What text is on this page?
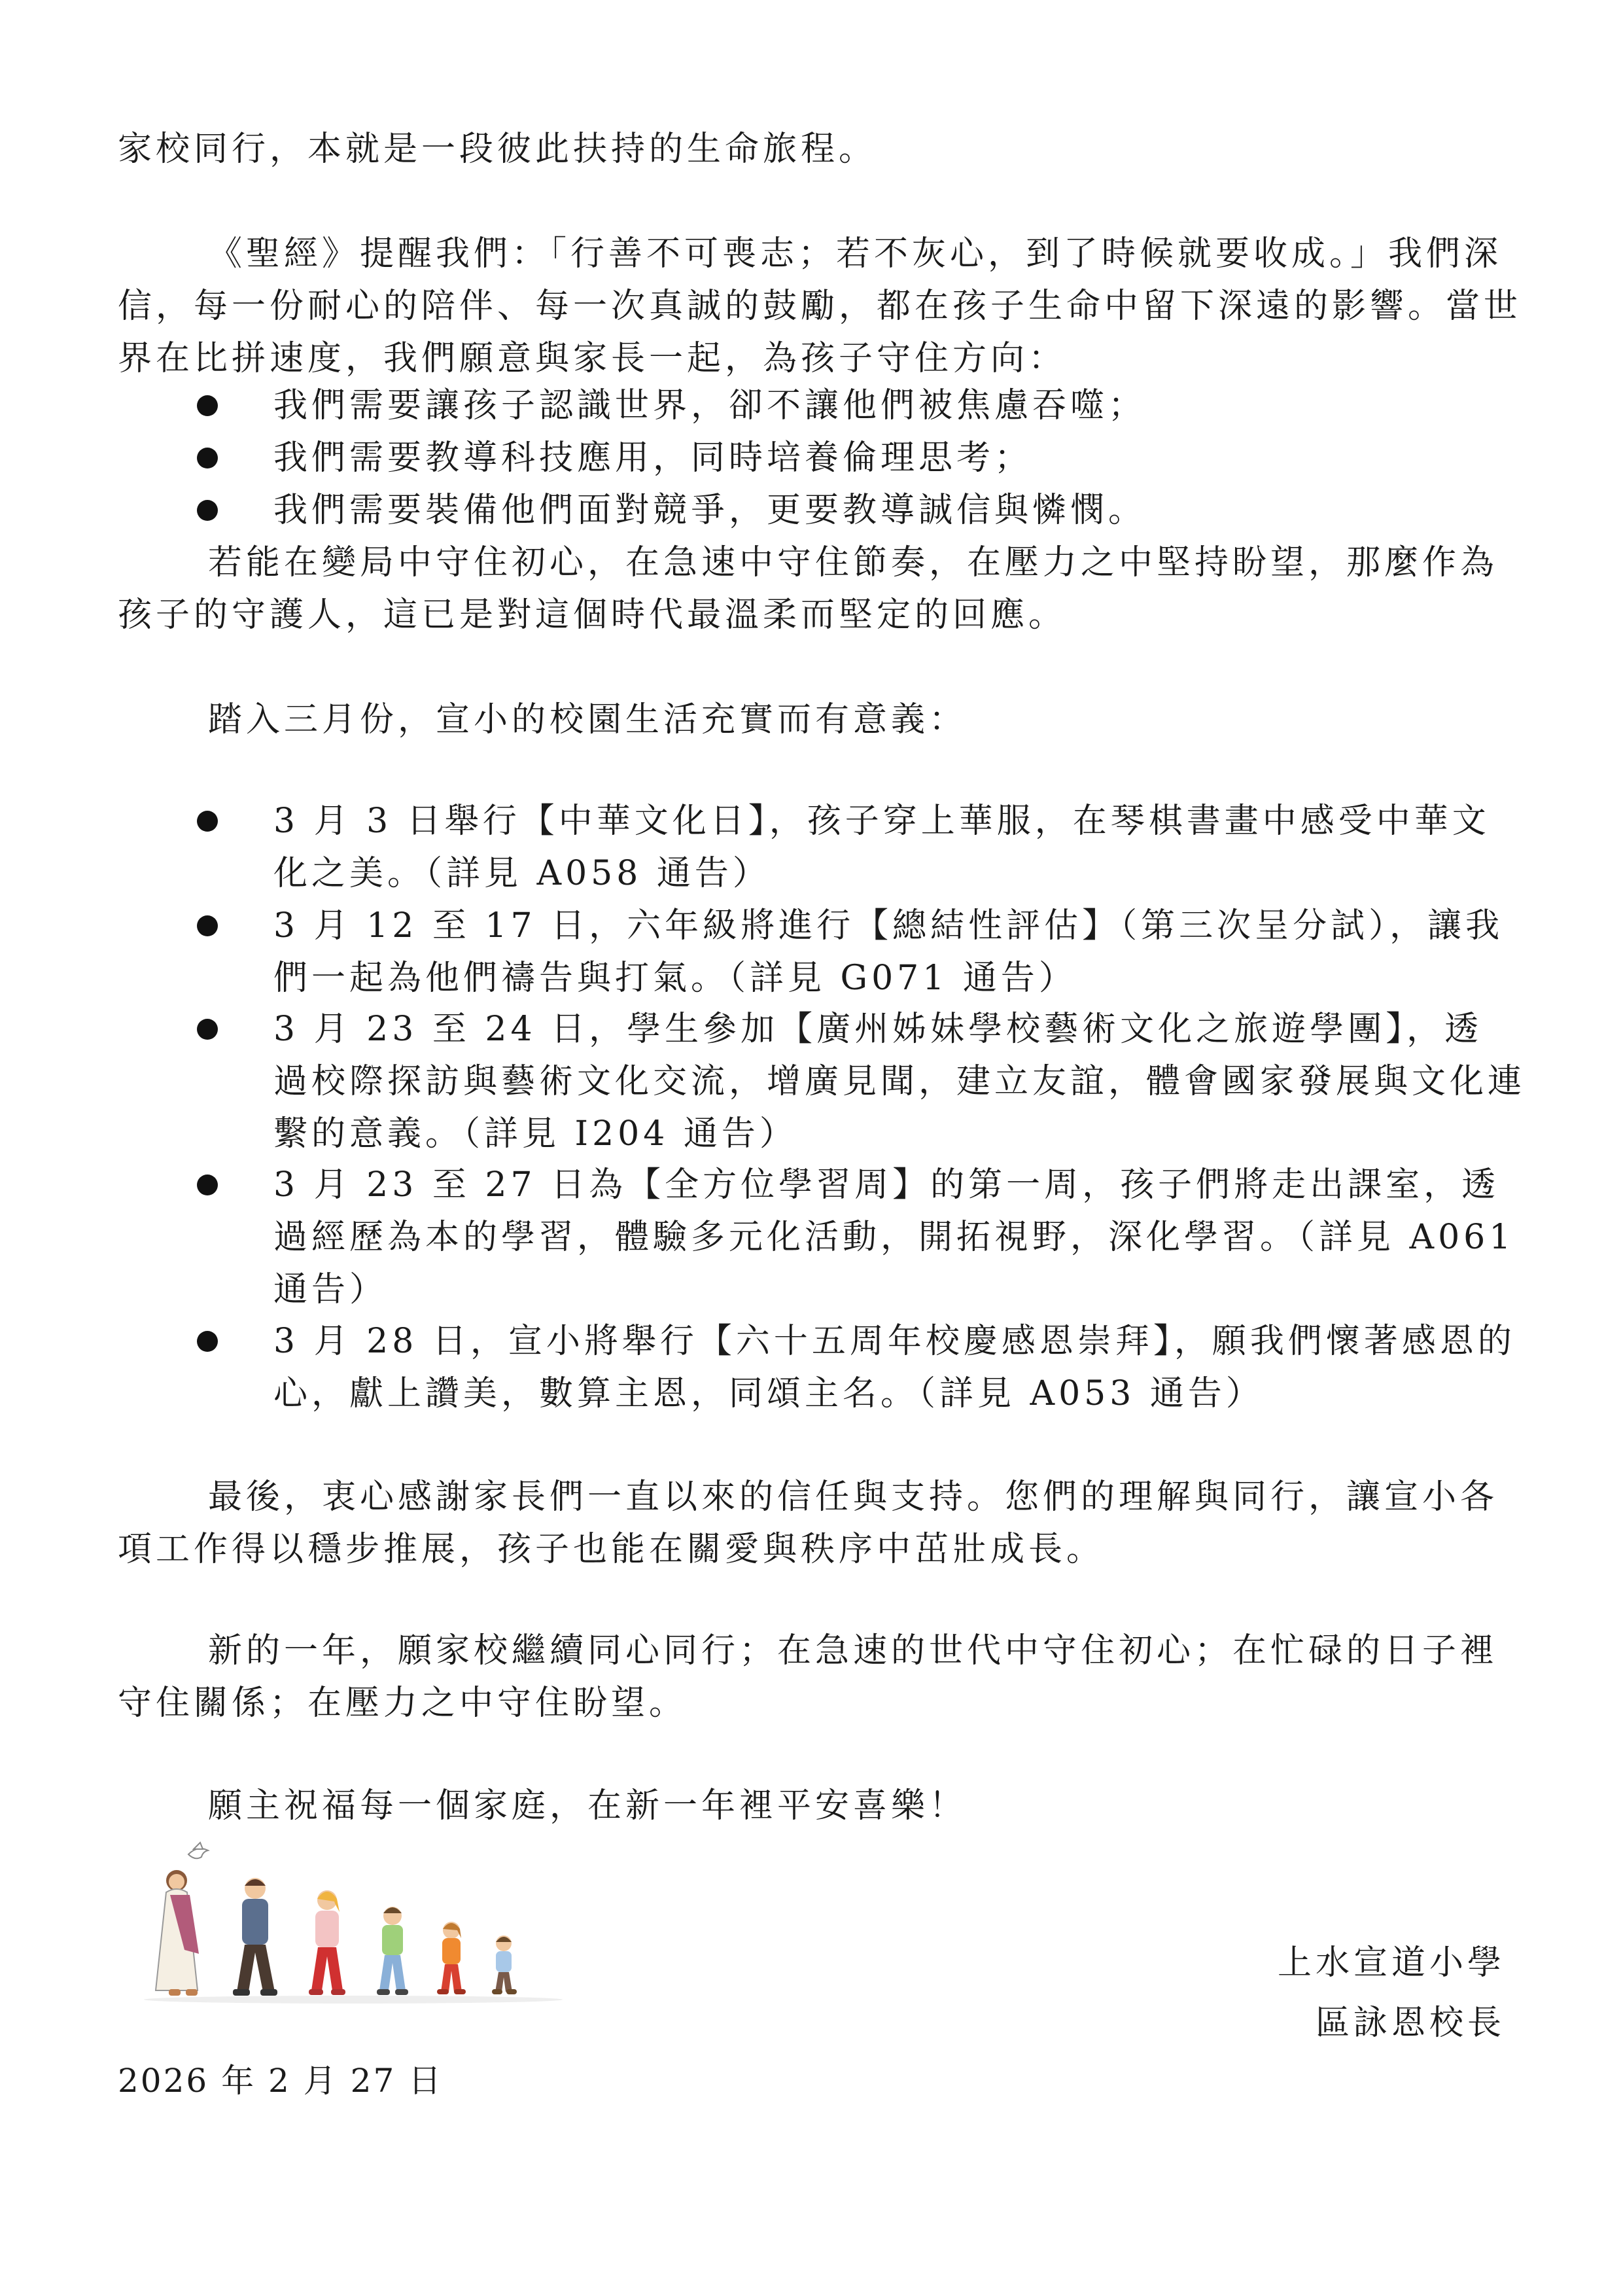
家校同行，本就是一段彼此扶持的生命旅程。
《聖經》提醒我們：「行善不可喪志；若不灰心，到了時候就要收成。」我們深
信，每一份耐心的陪伴、每一次真誠的鼓勵，都在孩子生命中留下深遠的影響。當世
界在比拼速度，我們願意與家長一起，為孩子守住方向：
我們需要讓孩子認識世界，卻不讓他們被焦慮吞噬；
我們需要教導科技應用，同時培養倫理思考；
我們需要裝備他們面對競爭，更要教導誠信與憐憫。
若能在變局中守住初心，在急速中守住節奏，在壓力之中堅持盼望，那麼作為
孩子的守護人，這已是對這個時代最溫柔而堅定的回應。
踏入三月份，宣小的校園生活充實而有意義：
3 月 3 日舉行【中華文化日】，孩子穿上華服，在琴棋書畫中感受中華文
化之美。（詳見 A058 通告）
3 月 12 至 17 日，六年級將進行【總結性評估】（第三次呈分試），讓我
們一起為他們禱告與打氣。（詳見 G071 通告）
3 月 23 至 24 日，學生參加【廣州姊妹學校藝術文化之旅遊學團】，透
過校際探訪與藝術文化交流，增廣見聞，建立友誼，體會國家發展與文化連
繫的意義。（詳見 I204 通告）
3 月 23 至 27 日為【全方位學習周】的第一周，孩子們將走出課室，透
過經歷為本的學習，體驗多元化活動，開拓視野，深化學習。（詳見 A061
通告）
3 月 28 日，宣小將舉行【六十五周年校慶感恩崇拜】，願我們懷著感恩的
心，獻上讚美，數算主恩，同頌主名。（詳見 A053 通告）
最後，衷心感謝家長們一直以來的信任與支持。您們的理解與同行，讓宣小各
項工作得以穩步推展，孩子也能在關愛與秩序中茁壯成長。
新的一年，願家校繼續同心同行；在急速的世代中守住初心；在忙碌的日子裡
守住關係；在壓力之中守住盼望。
願主祝福每一個家庭，在新一年裡平安喜樂！
上水宣道小學
區詠恩校長
2026 年 2 月 27 日
